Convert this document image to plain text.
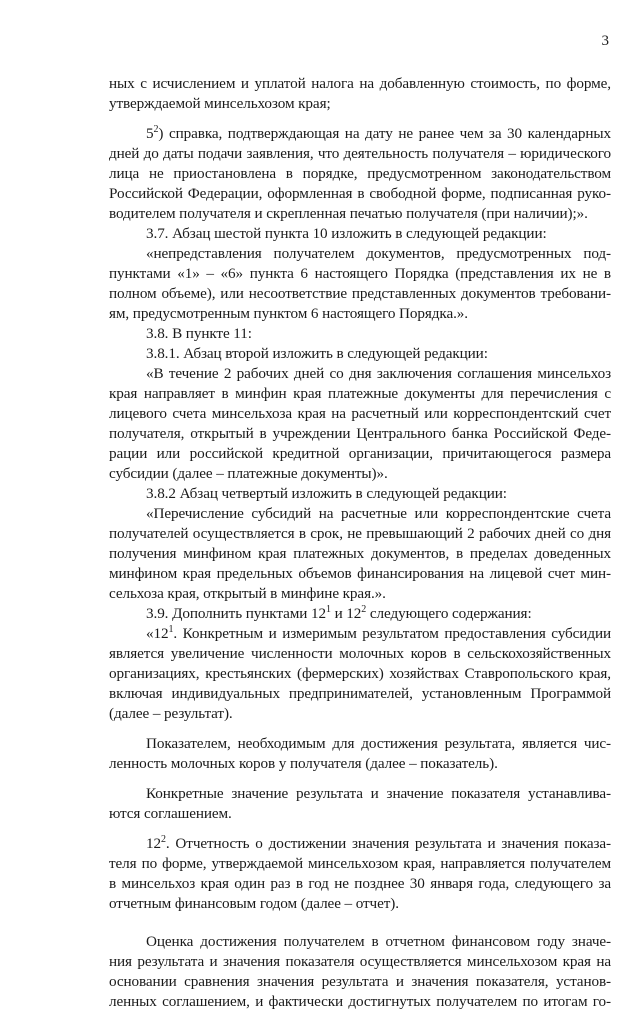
3
ных с исчислением и уплатой налога на добавленную стоимость, по форме,
утверждаемой минсельхозом края;
$5^2$) справка, подтверждающая на дату не ранее чем за 30 календарных
дней до даты подачи заявления, что деятельность получателя – юридического
лица не приостановлена в порядке, предусмотренном законодательством
Российской Федерации, оформленная в свободной форме, подписанная руко-
водителем получателя и скрепленная печатью получателя (при наличии);».
3.7. Абзац шестой пункта 10 изложить в следующей редакции:
«непредставления получателем документов, предусмотренных под-
пунктами «1» – «6» пункта 6 настоящего Порядка (представления их не в
полном объеме), или несоответствие представленных документов требовани-
ям, предусмотренным пунктом 6 настоящего Порядка.».
3.8. В пункте 11:
3.8.1. Абзац второй изложить в следующей редакции:
«В течение 2 рабочих дней со дня заключения соглашения минсельхоз
края направляет в минфин края платежные документы для перечисления с
лицевого счета минсельхоза края на расчетный или корреспондентский счет
получателя, открытый в учреждении Центрального банка Российской Феде-
рации или российской кредитной организации, причитающегося размера
субсидии (далее – платежные документы)».
3.8.2 Абзац четвертый изложить в следующей редакции:
«Перечисление субсидий на расчетные или корреспондентские счета
получателей осуществляется в срок, не превышающий 2 рабочих дней со дня
получения минфином края платежных документов, в пределах доведенных
минфином края предельных объемов финансирования на лицевой счет мин-
сельхоза края, открытый в минфине края.».
3.9. Дополнить пунктами $12^1$ и $12^2$ следующего содержания:
«$12^1$. Конкретным и измеримым результатом предоставления субсидии
является увеличение численности молочных коров в сельскохозяйственных
организациях, крестьянских (фермерских) хозяйствах Ставропольского края,
включая индивидуальных предпринимателей, установленным Программой
(далее – результат).
Показателем, необходимым для достижения результата, является чис-
ленность молочных коров у получателя (далее – показатель).
Конкретные значение результата и значение показателя устанавлива-
ются соглашением.
$12^2$. Отчетность о достижении значения результата и значения показа-
теля по форме, утверждаемой минсельхозом края, направляется получателем
в минсельхоз края один раз в год не позднее 30 января года, следующего за
отчетным финансовым годом (далее – отчет).
Оценка достижения получателем в отчетном финансовом году значе-
ния результата и значения показателя осуществляется минсельхозом края на
основании сравнения значения результата и значения показателя, установ-
ленных соглашением, и фактически достигнутых получателем по итогам го-
